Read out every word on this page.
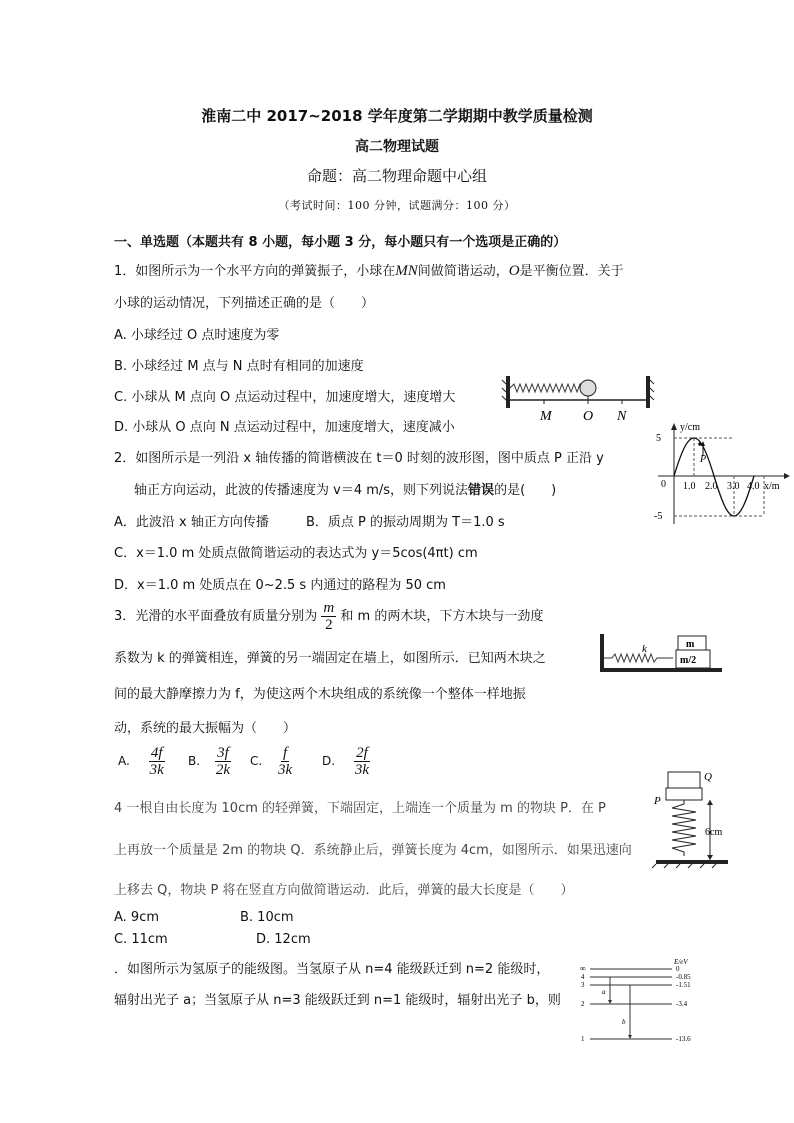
淮南二中 2017~2018 学年度第二学期期中教学质量检测
高二物理试题
命题：高二物理命题中心组
（考试时间：100 分钟，试题满分：100 分）
一、单选题（本题共有 8 小题，每小题 3 分，每小题只有一个选项是正确的）
1．如图所示为一个水平方向的弹簧振子，小球在MN间做简谐运动，O是平衡位置．关于
小球的运动情况，下列描述正确的是（　　）
A. 小球经过 O 点时速度为零
B. 小球经过 M 点与 N 点时有相同的加速度
C. 小球从 M 点向 O 点运动过程中，加速度增大，速度增大
D. 小球从 O 点向 N 点运动过程中，加速度增大，速度减小
M O N
2．如图所示是一列沿 x 轴传播的简谐横波在 t＝0 时刻的波形图，图中质点 P 正沿 y
轴正方向运动，此波的传播速度为 v＝4 m/s，则下列说法错误的是(　　)
A．此波沿 x 轴正方向传播	B．质点 P 的振动周期为 T＝1.0 s
C．x＝1.0 m 处质点做简谐运动的表达式为 y＝5cos(4πt) cm
D．x＝1.0 m 处质点在 0~2.5 s 内通过的路程为 50 cm
y/cm
x/m
5
-5
0
P
1.0 2.0 3.0 4.0
3．光滑的水平面叠放有质量分别为 $\frac{m}{2}$ 和 m 的两木块，下方木块与一劲度
系数为 k 的弹簧相连，弹簧的另一端固定在墙上，如图所示．已知两木块之
间的最大静摩擦力为 f，为使这两个木块组成的系统像一个整体一样地振
动，系统的最大振幅为（　　）
A. $\frac{4f}{3k} B$. $\frac{3f}{2k} C$. $\frac{f}{3k} D$. $\frac{2f}{3k}$
k	m
m/2
4 一根自由长度为 10cm 的轻弹簧，下端固定，上端连一个质量为 m 的物块 P．在 P
上再放一个质量是 2m 的物块 Q．系统静止后，弹簧长度为 4cm，如图所示．如果迅速向
上移去 Q，物块 P 将在竖直方向做简谐运动．此后，弹簧的最大长度是（　　）
A. 9cm	B. 10cm
C. 11cm	D. 12cm
Q
P
6cm
．如图所示为氢原子的能级图。当氢原子从 n=4 能级跃迁到 n=2 能级时，
辐射出光子 a；当氢原子从 n=3 能级跃迁到 n=1 能级时，辐射出光子 b，则
E/eV
∞	0
4	-0.85
3	-1.51
2	-3.4
1	-13.6
a
b
